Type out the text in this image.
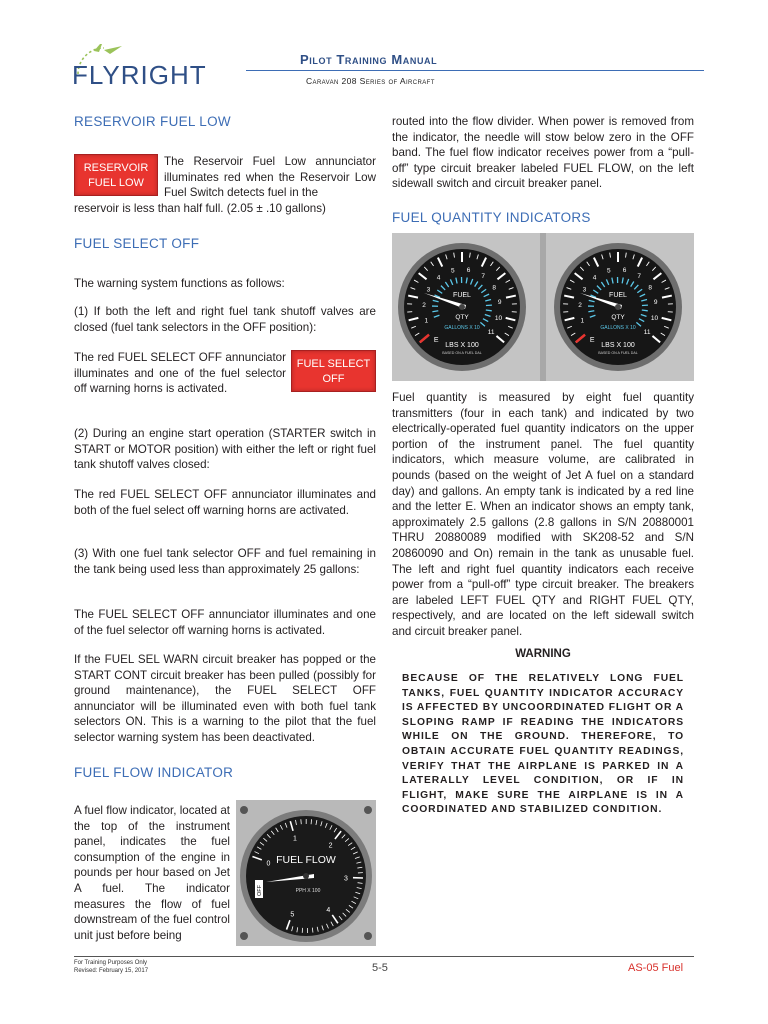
FLYRIGHT
Pilot Training Manual
Caravan 208 Series of Aircraft
RESERVOIR FUEL LOW
RESERVOIR
FUEL LOW

The Reservoir Fuel Low annunciator illuminates red when the Reservoir Low Fuel Switch detects fuel in the

reservoir is less than half full. (2.05 ± .10 gallons)

FUEL SELECT OFF

The warning system functions as follows:

(1) If both the left and right fuel tank shutoff valves are closed (fuel tank selectors in the OFF position):

The red FUEL SELECT OFF annunciator illuminates and one of the fuel selector off warning horns is activated.

FUEL SELECT
OFF

(2) During an engine start operation (STARTER switch in START or MOTOR position) with either the left or right fuel tank shutoff valves closed:

The red FUEL SELECT OFF annunciator illuminates and both of the fuel select off warning horns are activated.

(3) With one fuel tank selector OFF and fuel remaining in the tank being used less than approximately 25 gallons:

The FUEL SELECT OFF annunciator illuminates and one of the fuel selector off warning horns is activated.

If the FUEL SEL WARN circuit breaker has popped or the START CONT circuit breaker has been pulled (possibly for ground maintenance), the FUEL SELECT OFF annunciator will be illuminated even with both fuel tank selectors ON. This is a warning to the pilot that the fuel selector warning system has been deactivated.

FUEL FLOW INDICATOR

A fuel flow indicator, located at the top of the instrument panel, indicates the fuel consumption of the engine in pounds per hour based on Jet A fuel. The indicator measures the flow of fuel downstream of the fuel control unit just before being

0
1
2
3
4
5
FUEL FLOW
PPH X 100
OFF

routed into the flow divider. When power is removed from the indicator, the needle will stow below zero in the OFF band. The fuel flow indicator receives power from a “pull-off” type circuit breaker labeled FUEL FLOW, on the left sidewall switch and circuit breaker panel.

FUEL QUANTITY INDICATORS
1
2
3
4
5 6
7
8
9
10
11
E
FUEL
QTY
GALLONS X 10
LBS X 100
BASED ON A FUEL DAL
1
2
3
4
5 6
7
8
9
10
11
E
FUEL
QTY
GALLONS X 10
LBS X 100
BASED ON A FUEL DAL

Fuel quantity is measured by eight fuel quantity transmitters (four in each tank) and indicated by two electrically-operated fuel quantity indicators on the upper portion of the instrument panel. The fuel quantity indicators, which measure volume, are calibrated in pounds (based on the weight of Jet A fuel on a standard day) and gallons. An empty tank is indicated by a red line and the letter E. When an indicator shows an empty tank, approximately 2.5 gallons (2.8 gallons in S/N 20880001 THRU 20880089 modified with SK208-52 and S/N 20860090 and On) remain in the tank as unusable fuel. The left and right fuel quantity indicators each receive power from a “pull-off” type circuit breaker. The breakers are labeled LEFT FUEL QTY and RIGHT FUEL QTY, respectively, and are located on the left sidewall switch and circuit breaker panel.

WARNING

BECAUSE OF THE RELATIVELY LONG FUEL TANKS, FUEL QUANTITY INDICATOR ACCURACY IS AFFECTED BY UNCOORDINATED FLIGHT OR A SLOPING RAMP IF READING THE INDICATORS WHILE ON THE GROUND. THEREFORE, TO OBTAIN ACCURATE FUEL QUANTITY READINGS, VERIFY THAT THE AIRPLANE IS PARKED IN A LATERALLY LEVEL CONDITION, OR IF IN FLIGHT, MAKE SURE THE AIRPLANE IS IN A COORDINATED AND STABILIZED CONDITION.

For Training Purposes Only
Revised: February 15, 2017	5-5	AS-05 Fuel
